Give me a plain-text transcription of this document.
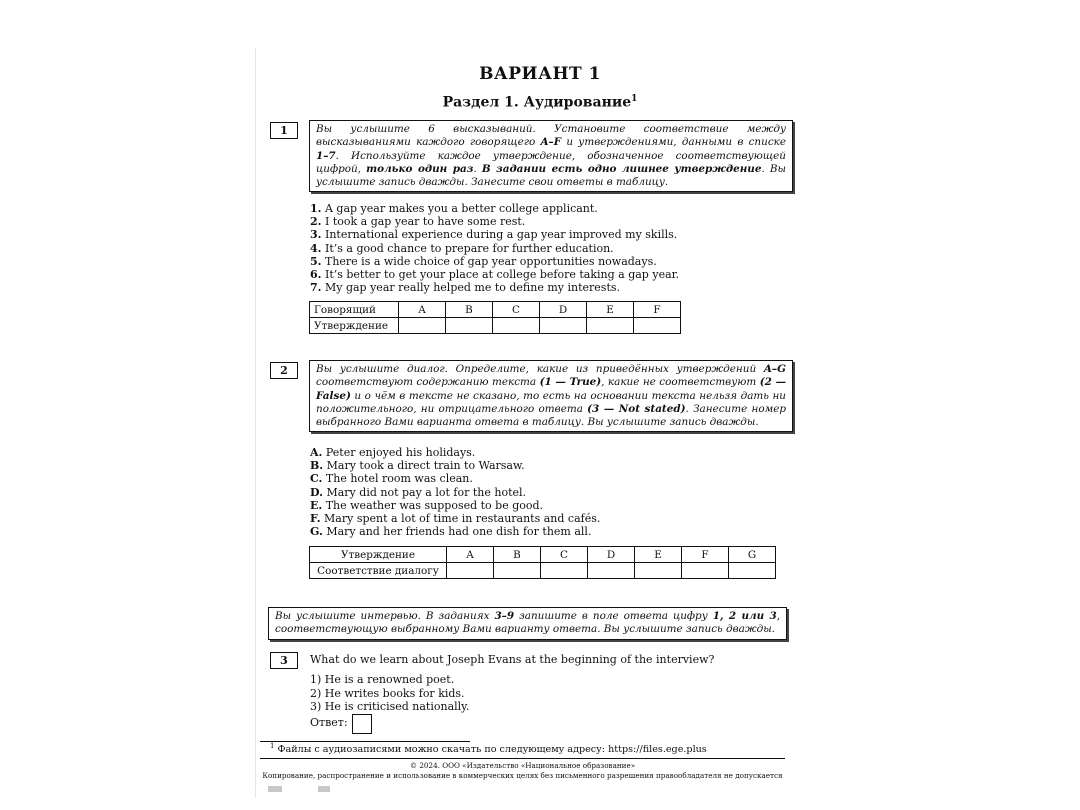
ВАРИАНТ 1
Раздел 1. Аудирование$^1$
1	Вы услышите 6 высказываний. Установите соответствие между высказываниями каждого говорящего A–F и утверждениями, данными в списке 1–7. Используйте каждое утверждение, обозначенное соответствующей цифрой, только один раз. В задании есть одно лишнее утверждение. Вы услышите запись дважды. Занесите свои ответы в таблицу.
1. A gap year makes you a better college applicant.
2. I took a gap year to have some rest.
3. International experience during a gap year improved my skills.
4. It’s a good chance to prepare for further education.
5. There is a wide choice of gap year opportunities nowadays.
6. It’s better to get your place at college before taking a gap year.
7. My gap year really helped me to define my interests.
Говорящий	A	B	C	D	E	F
Утверждение						
2	Вы услышите диалог. Определите, какие из приведённых утверждений A–G соответствуют содержанию текста (1 — True), какие не соответствуют (2 — False) и о чём в тексте не сказано, то есть на основании текста нельзя дать ни положительного, ни отрицательного ответа (3 — Not stated). Занесите номер выбранного Вами варианта ответа в таблицу. Вы услышите запись дважды.
A. Peter enjoyed his holidays.
B. Mary took a direct train to Warsaw.
C. The hotel room was clean.
D. Mary did not pay a lot for the hotel.
E. The weather was supposed to be good.
F. Mary spent a lot of time in restaurants and cafés.
G. Mary and her friends had one dish for them all.
Утверждение	A	B	C	D	E	F	G
Соответствие диалогу							
Вы услышите интервью. В заданиях 3–9 запишите в поле ответа цифру 1, 2 или 3, соответствующую выбранному Вами варианту ответа. Вы услышите запись дважды.
3	What do we learn about Joseph Evans at the beginning of the interview?
1) He is a renowned poet.
2) He writes books for kids.
3) He is criticised nationally.
Ответ:
$^1$ Файлы с аудиозаписями можно скачать по следующему адресу: https://files.ege.plus
© 2024. ООО «Издательство «Национальное образование»
Копирование, распространение и использование в коммерческих целях без письменного разрешения правообладателя не допускается
